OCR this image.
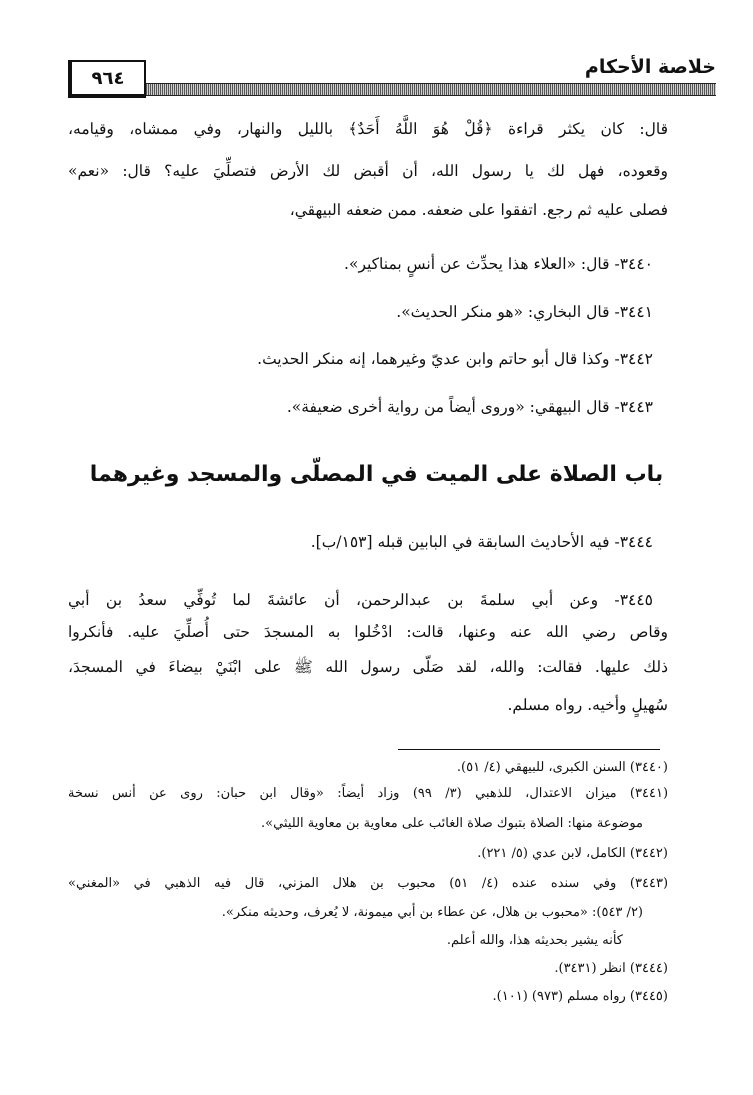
خلاصة الأحكام
٩٦٤
قال: كان يكثر قراءة ﴿قُلْ هُوَ اللَّهُ أَحَدٌ﴾ بالليل والنهار، وفي ممشاه، وقيامه،
وقعوده، فهل لك يا رسول الله، أن أقبض لك الأرض فتصلِّيَ عليه؟ قال: «نعم»
فصلى عليه ثم رجع. اتفقوا على ضعفه. ممن ضعفه البيهقي،
٣٤٤٠- قال: «العلاء هذا يحدِّث عن أنسٍ بمناكير».
٣٤٤١- قال البخاري: «هو منكر الحديث».
٣٤٤٢- وكذا قال أبو حاتم وابن عديّ وغيرهما، إنه منكر الحديث.
٣٤٤٣- قال البيهقي: «وروى أيضاً من رواية أخرى ضعيفة».
باب الصلاة على الميت في المصلّى والمسجد وغيرهما
٣٤٤٤- فيه الأحاديث السابقة في البابين قبله [١٥٣/ب].
٣٤٤٥- وعن أبي سلمةَ بن عبدالرحمن، أن عائشةَ لما تُوفِّي سعدُ بن أبي
وقاص رضي الله عنه وعنها، قالت: ادْخُلوا به المسجدَ حتى أُصلِّيَ عليه. فأنكروا
ذلك عليها. فقالت: والله، لقد صَلّى رسول الله ﷺ على ابْنَيْ بيضاءَ في المسجدَ،
سُهيلٍ وأخيه. رواه مسلم.
(٣٤٤٠) السنن الكبرى، للبيهقي (٤/ ٥١).
(٣٤٤١) ميزان الاعتدال، للذهبي (٣/ ٩٩) وزاد أيضاً: «وقال ابن حبان: روى عن أنس نسخة
موضوعة منها: الصلاة بتبوك صلاة الغائب على معاوية بن معاوية الليثي».
(٣٤٤٢) الكامل، لابن عدي (٥/ ٢٢١).
(٣٤٤٣) وفي سنده عنده (٤/ ٥١) محبوب بن هلال المزني، قال فيه الذهبي في «المغني»
(٢/ ٥٤٣): «محبوب بن هلال، عن عطاء بن أبي ميمونة، لا يُعرف، وحديثه منكر».
كأنه يشير بحديثه هذا، والله أعلم.
(٣٤٤٤) انظر (٣٤٣١).
(٣٤٤٥) رواه مسلم (٩٧٣) (١٠١).
